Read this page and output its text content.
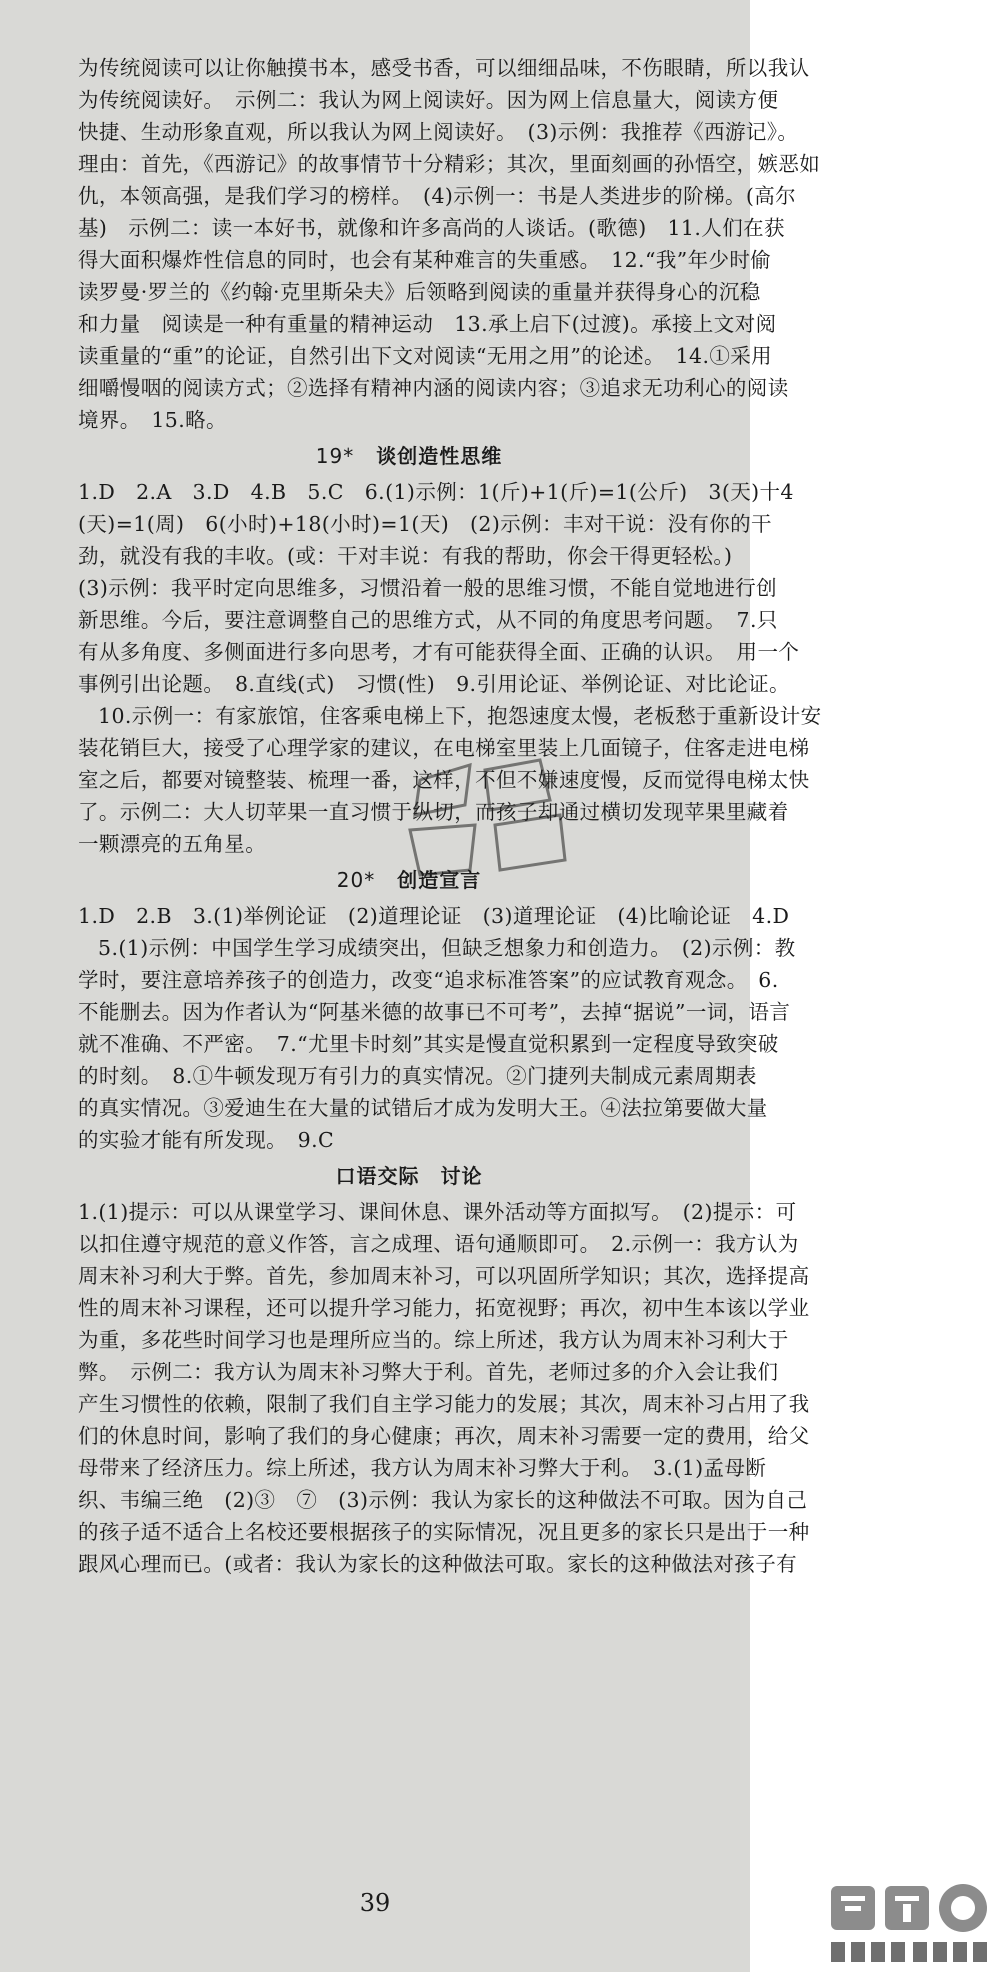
为传统阅读可以让你触摸书本，感受书香，可以细细品味，不伤眼睛，所以我认
为传统阅读好。　示例二：我认为网上阅读好。因为网上信息量大，阅读方便
快捷、生动形象直观，所以我认为网上阅读好。　(3)示例：我推荐《西游记》。
理由：首先，《西游记》的故事情节十分精彩；其次，里面刻画的孙悟空，嫉恶如
仇，本领高强，是我们学习的榜样。　(4)示例一：书是人类进步的阶梯。(高尔
基)　示例二：读一本好书，就像和许多高尚的人谈话。(歌德)　11.人们在获
得大面积爆炸性信息的同时，也会有某种难言的失重感。　12.“我”年少时偷
读罗曼·罗兰的《约翰·克里斯朵夫》后领略到阅读的重量并获得身心的沉稳
和力量　阅读是一种有重量的精神运动　13.承上启下(过渡)。承接上文对阅
读重量的“重”的论证，自然引出下文对阅读“无用之用”的论述。　14.①采用
细嚼慢咽的阅读方式；②选择有精神内涵的阅读内容；③追求无功利心的阅读
境界。　15.略。
19* 谈创造性思维
1.D　2.A　3.D　4.B　5.C　6.(1)示例：1(斤)+1(斤)=1(公斤)　3(天)十4
(天)=1(周)　6(小时)+18(小时)=1(天)　(2)示例：丰对干说：没有你的干
劲，就没有我的丰收。(或：干对丰说：有我的帮助，你会干得更轻松。)
(3)示例：我平时定向思维多，习惯沿着一般的思维习惯，不能自觉地进行创
新思维。今后，要注意调整自己的思维方式，从不同的角度思考问题。　7.只
有从多角度、多侧面进行多向思考，才有可能获得全面、正确的认识。　用一个
事例引出论题。　8.直线(式)　习惯(性)　9.引用论证、举例论证、对比论证。
10.示例一：有家旅馆，住客乘电梯上下，抱怨速度太慢，老板愁于重新设计安
装花销巨大，接受了心理学家的建议，在电梯室里装上几面镜子，住客走进电梯
室之后，都要对镜整装、梳理一番，这样，不但不嫌速度慢，反而觉得电梯太快
了。示例二：大人切苹果一直习惯于纵切，而孩子却通过横切发现苹果里藏着
一颗漂亮的五角星。
20* 创造宣言
1.D　2.B　3.(1)举例论证　(2)道理论证　(3)道理论证　(4)比喻论证　4.D
5.(1)示例：中国学生学习成绩突出，但缺乏想象力和创造力。　(2)示例：教
学时，要注意培养孩子的创造力，改变“追求标准答案”的应试教育观念。　6.
不能删去。因为作者认为“阿基米德的故事已不可考”，去掉“据说”一词，语言
就不准确、不严密。　7.“尤里卡时刻”其实是慢直觉积累到一定程度导致突破
的时刻。　8.①牛顿发现万有引力的真实情况。②门捷列夫制成元素周期表
的真实情况。③爱迪生在大量的试错后才成为发明大王。④法拉第要做大量
的实验才能有所发现。　9.C
口语交际　讨论
1.(1)提示：可以从课堂学习、课间休息、课外活动等方面拟写。　(2)提示：可
以扣住遵守规范的意义作答，言之成理、语句通顺即可。　2.示例一：我方认为
周末补习利大于弊。首先，参加周末补习，可以巩固所学知识；其次，选择提高
性的周末补习课程，还可以提升学习能力，拓宽视野；再次，初中生本该以学业
为重，多花些时间学习也是理所应当的。综上所述，我方认为周末补习利大于
弊。　示例二：我方认为周末补习弊大于利。首先，老师过多的介入会让我们
产生习惯性的依赖，限制了我们自主学习能力的发展；其次，周末补习占用了我
们的休息时间，影响了我们的身心健康；再次，周末补习需要一定的费用，给父
母带来了经济压力。综上所述，我方认为周末补习弊大于利。　3.(1)孟母断
织、韦编三绝　(2)③　⑦　(3)示例：我认为家长的这种做法不可取。因为自己
的孩子适不适合上名校还要根据孩子的实际情况，况且更多的家长只是出于一种
跟风心理而已。(或者：我认为家长的这种做法可取。家长的这种做法对孩子有
39
